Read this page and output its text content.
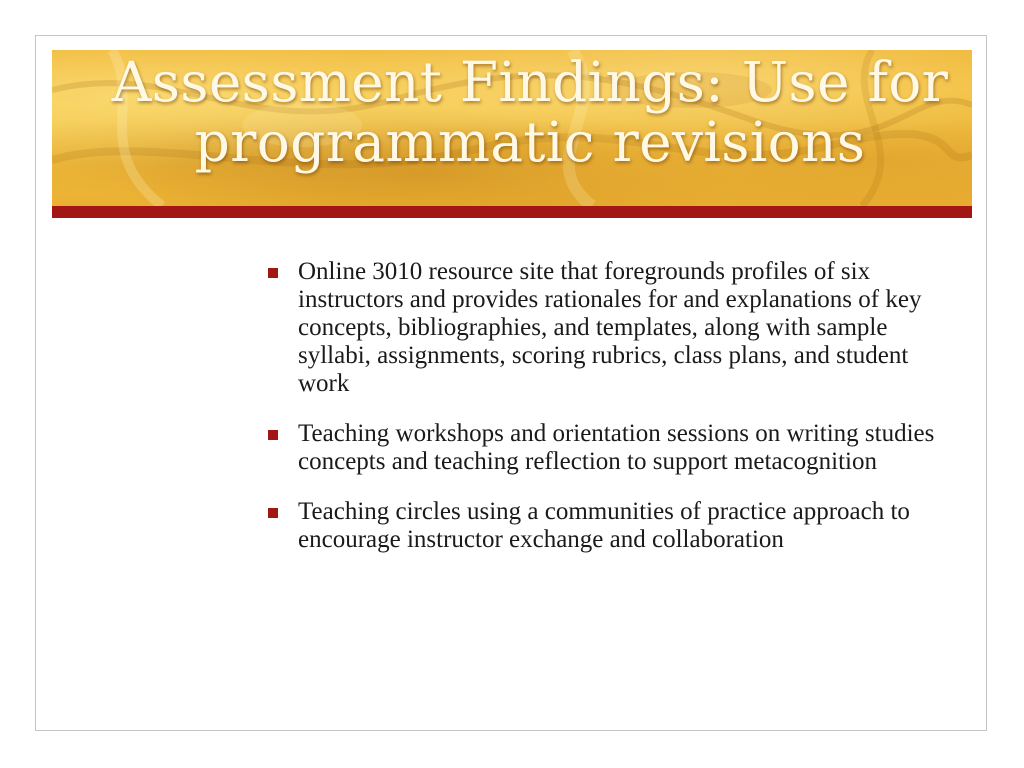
Assessment Findings: Use for programmatic revisions
Online 3010 resource site that foregrounds profiles of six instructors and provides rationales for and explanations of key concepts, bibliographies, and templates, along with sample syllabi, assignments, scoring rubrics, class plans, and student work
Teaching workshops and orientation sessions on writing studies concepts and teaching reflection to support metacognition
Teaching circles using a communities of practice approach to encourage instructor exchange and collaboration
